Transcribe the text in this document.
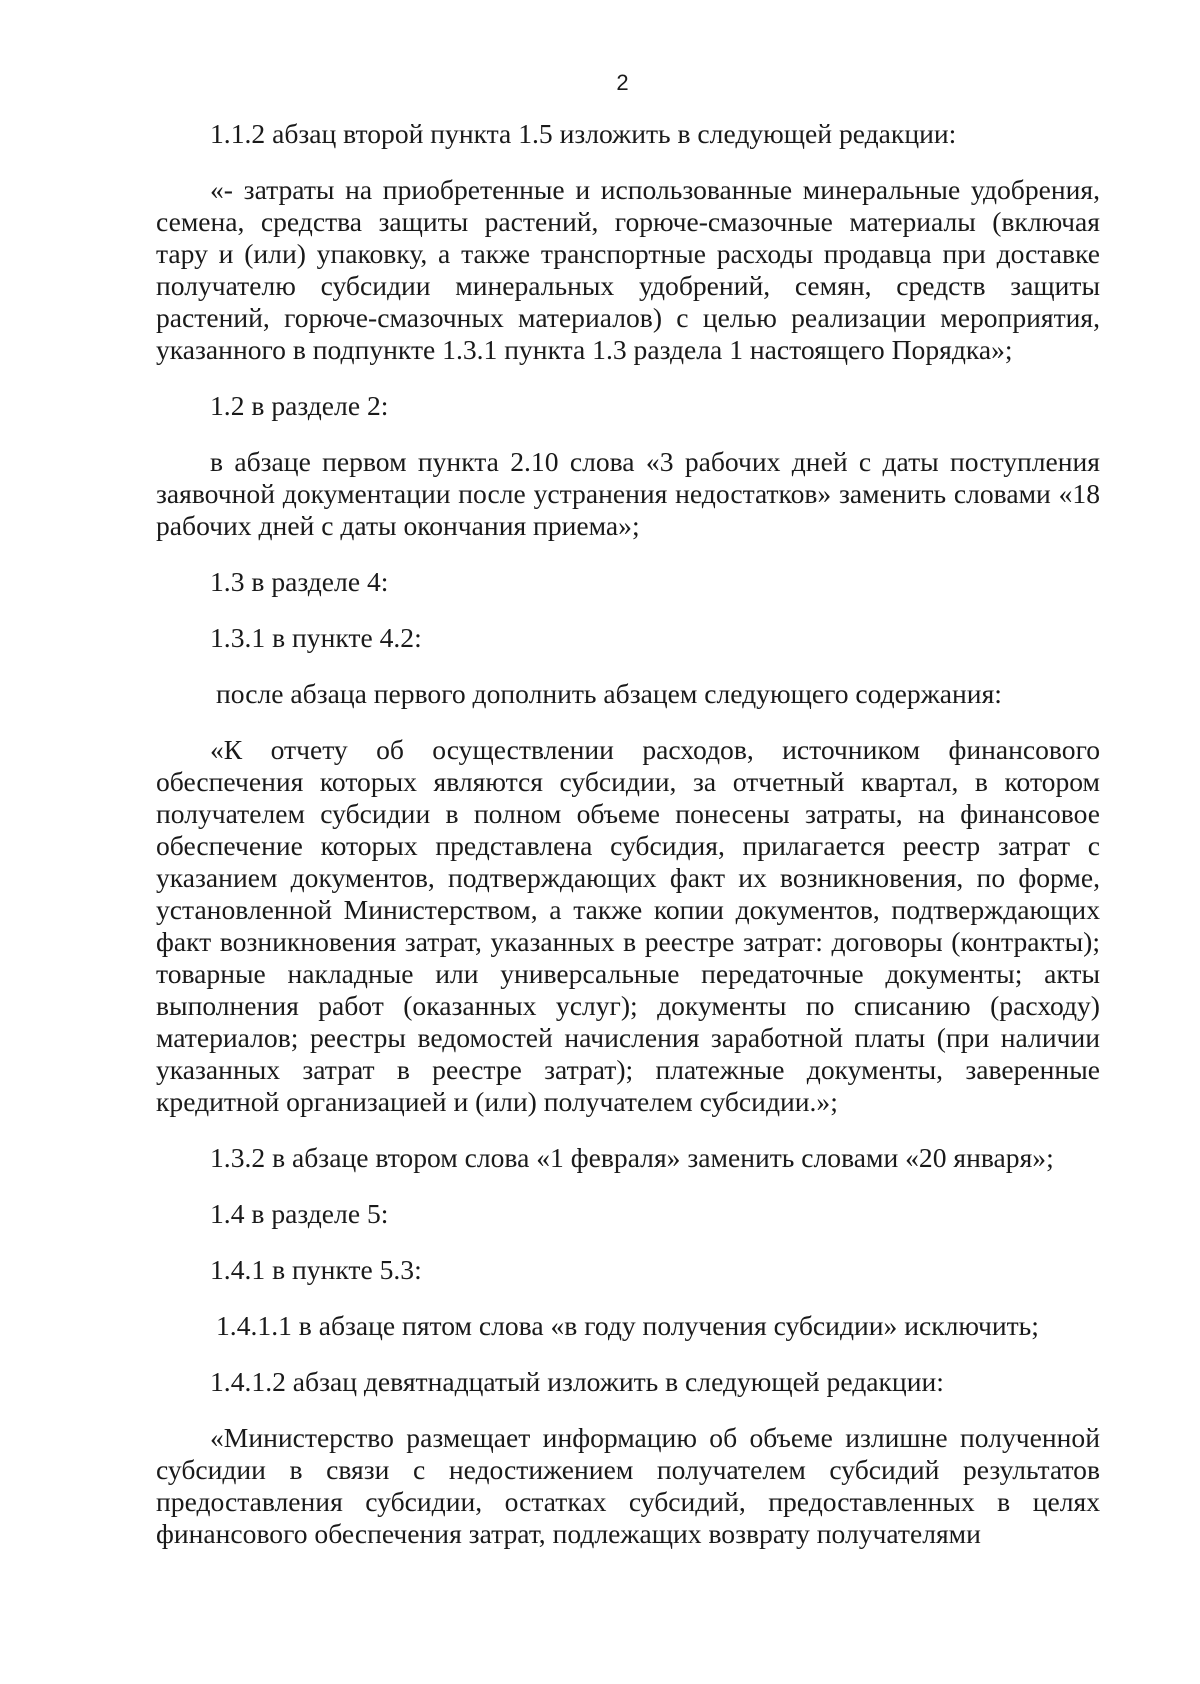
2

1.1.2 абзац второй пункта 1.5 изложить в следующей редакции:

«- затраты на приобретенные и использованные минеральные удобрения, семена, средства защиты растений, горюче-смазочные материалы (включая тару и (или) упаковку, а также транспортные расходы продавца при доставке получателю субсидии минеральных удобрений, семян, средств защиты растений, горюче-смазочных материалов) с целью реализации мероприятия, указанного в подпункте 1.3.1 пункта 1.3 раздела 1 настоящего Порядка»;

1.2 в разделе 2:

в абзаце первом пункта 2.10 слова «3 рабочих дней с даты поступления заявочной документации после устранения недостатков» заменить словами «18 рабочих дней с даты окончания приема»;

1.3 в разделе 4:

1.3.1 в пункте 4.2:

после абзаца первого дополнить абзацем следующего содержания:

«К отчету об осуществлении расходов, источником финансового обеспечения которых являются субсидии, за отчетный квартал, в котором получателем субсидии в полном объеме понесены затраты, на финансовое обеспечение которых представлена субсидия, прилагается реестр затрат с указанием документов, подтверждающих факт их возникновения, по форме, установленной Министерством, а также копии документов, подтверждающих факт возникновения затрат, указанных в реестре затрат: договоры (контракты); товарные накладные или универсальные передаточные документы; акты выполнения работ (оказанных услуг); документы по списанию (расходу) материалов; реестры ведомостей начисления заработной платы (при наличии указанных затрат в реестре затрат); платежные документы, заверенные кредитной организацией и (или) получателем субсидии.»;

1.3.2 в абзаце втором слова «1 февраля» заменить словами «20 января»;

1.4 в разделе 5:

1.4.1 в пункте 5.3:

1.4.1.1 в абзаце пятом слова «в году получения субсидии» исключить;

1.4.1.2 абзац девятнадцатый изложить в следующей редакции:

«Министерство размещает информацию об объеме излишне полученной субсидии в связи с недостижением получателем субсидий результатов предоставления субсидии, остатках субсидий, предоставленных в целях финансового обеспечения затрат, подлежащих возврату получателями
